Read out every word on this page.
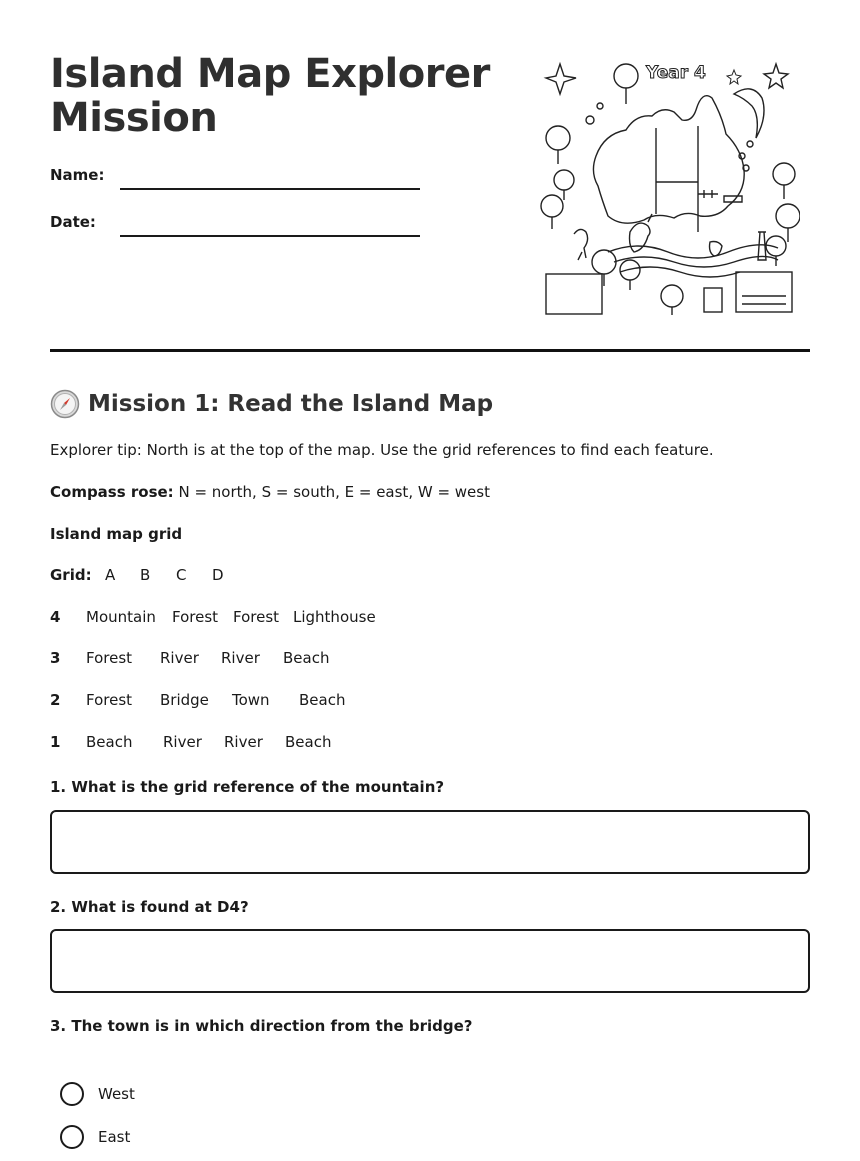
Island Map Explorer
Mission
Name:
Date:
Year 4
Mission 1: Read the Island Map
Explorer tip: North is at the top of the map. Use the grid references to find each feature.
Compass rose: N = north, S = south, E = east, W = west
Island map grid
Grid: A B C D
4 Mountain Forest Forest Lighthouse
3 Forest River River Beach
2 Forest Bridge Town Beach
1 Beach River River Beach
1. What is the grid reference of the mountain?
2. What is found at D4?
3. The town is in which direction from the bridge?
West
East
